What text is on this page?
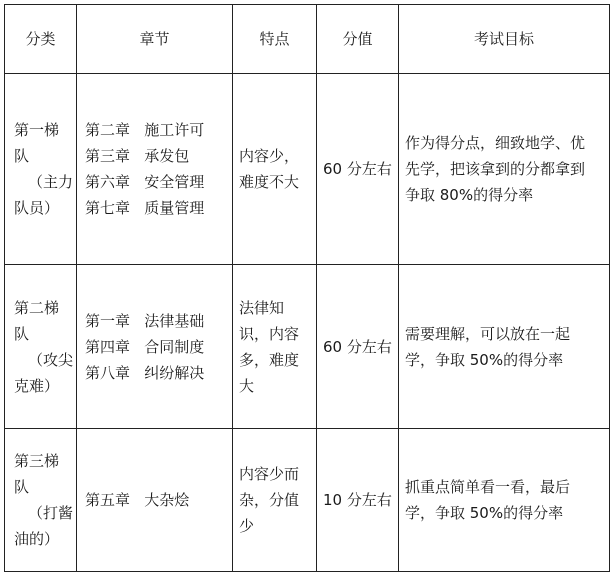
分类	章节	特点	分值	考试目标

第一梯
队
（主力
队员）	第二章   施工许可
第三章   承发包
第六章   安全管理
第七章   质量管理	内容少，
难度不大	60 分左右	作为得分点，细致地学、优
先学，把该拿到的分都拿到
争取 80%的得分率

第二梯
队
（攻尖
克难）	第一章   法律基础
第四章   合同制度
第八章   纠纷解决	法律知
识，内容
多，难度
大	60 分左右	需要理解，可以放在一起
学，争取 50%的得分率

第三梯
队
（打酱
油的）	第五章   大杂烩	内容少而
杂，分值
少	10 分左右	抓重点简单看一看，最后
学，争取 50%的得分率
